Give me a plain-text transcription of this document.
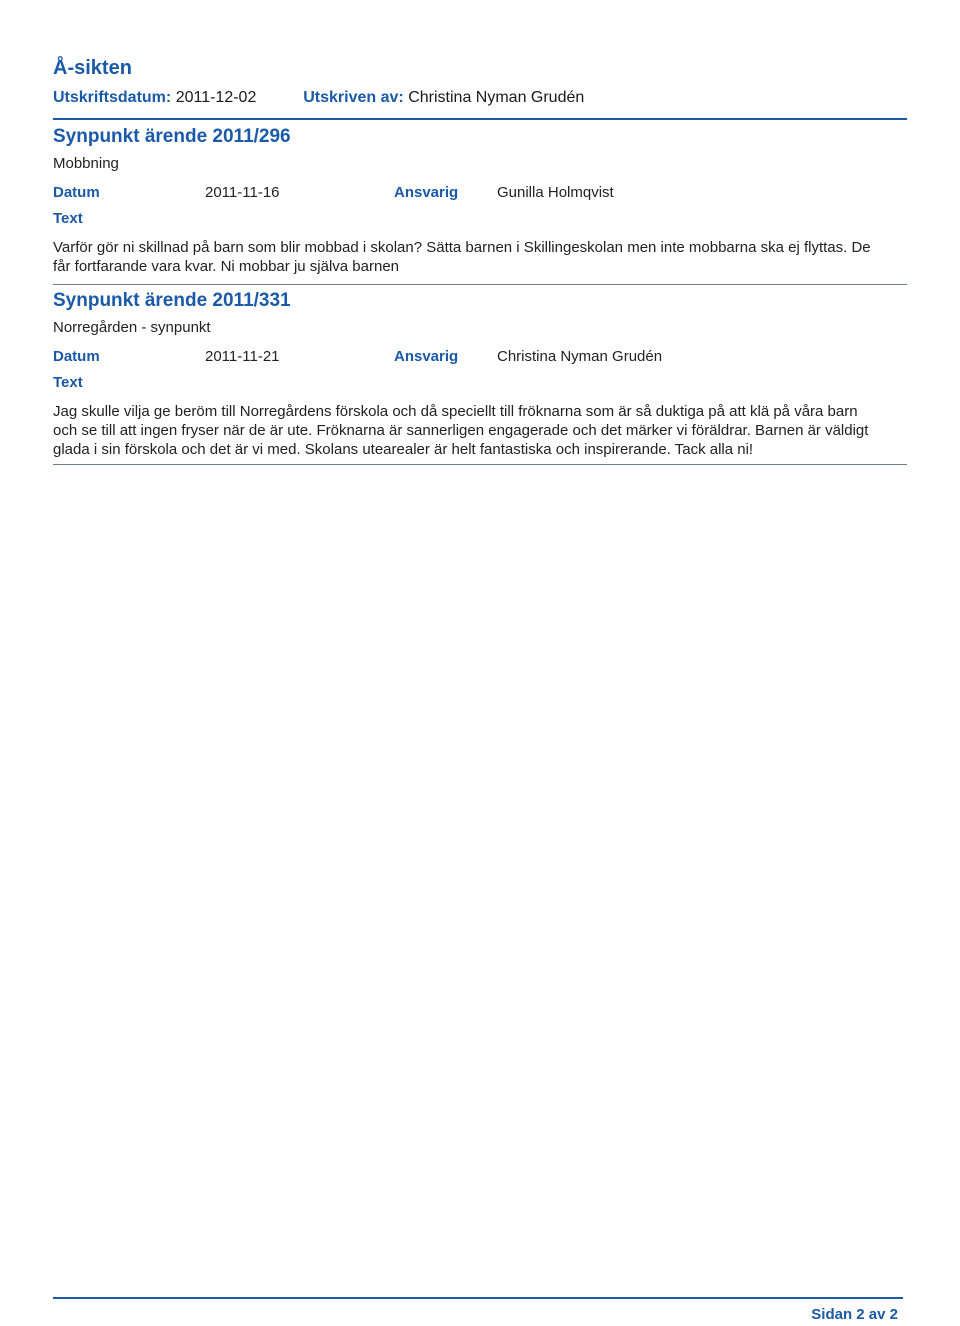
Å-sikten
Utskriftsdatum: 2011-12-02	Utskriven av: Christina Nyman Grudén
Synpunkt ärende 2011/296
Mobbning
Datum	2011-11-16	Ansvarig	Gunilla Holmqvist
Text
Varför gör ni skillnad på barn som blir mobbad i skolan? Sätta barnen i Skillingeskolan men inte mobbarna ska ej flyttas. De får fortfarande vara kvar. Ni mobbar ju själva barnen
Synpunkt ärende 2011/331
Norregården - synpunkt
Datum	2011-11-21	Ansvarig	Christina Nyman Grudén
Text
Jag skulle vilja ge beröm till Norregårdens förskola och då speciellt till fröknarna som är så duktiga på att klä på våra barn och se till att ingen fryser när de är ute. Fröknarna är sannerligen engagerade och det märker vi föräldrar. Barnen är väldigt glada i sin förskola och det är vi med. Skolans utearealer är helt fantastiska och inspirerande. Tack alla ni!
Sidan 2 av 2
